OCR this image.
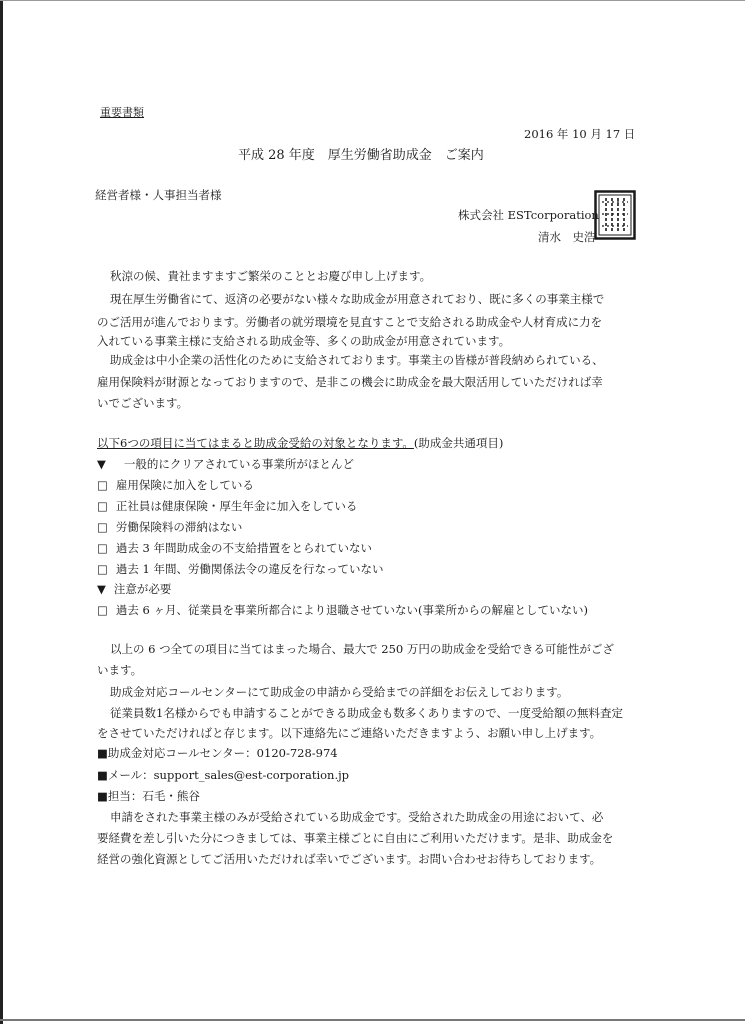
重要書類
2016 年 10 月 17 日
平成 28 年度　厚生労働省助成金　ご案内
経営者様・人事担当者様
株式会社 ESTcorporation
清水　史浩
秋涼の候、貴社ますますご繁栄のこととお慶び申し上げます。
現在厚生労働省にて、返済の必要がない様々な助成金が用意されており、既に多くの事業主様で
のご活用が進んでおります。労働者の就労環境を見直すことで支給される助成金や人材育成に力を
入れている事業主様に支給される助成金等、多くの助成金が用意されています。
助成金は中小企業の活性化のために支給されております。事業主の皆様が普段納められている、
雇用保険料が財源となっておりますので、是非この機会に助成金を最大限活用していただければ幸
いでございます。
以下6つの項目に当てはまると助成金受給の対象となります。(助成金共通項目)
▼ 一般的にクリアされている事業所がほとんど
□ 雇用保険に加入をしている
□ 正社員は健康保険・厚生年金に加入をしている
□ 労働保険料の滞納はない
□ 過去 3 年間助成金の不支給措置をとられていない
□ 過去 1 年間、労働関係法令の違反を行なっていない
▼ 注意が必要
□ 過去 6 ヶ月、従業員を事業所都合により退職させていない(事業所からの解雇としていない)
以上の 6 つ全ての項目に当てはまった場合、最大で 250 万円の助成金を受給できる可能性がござ
います。
助成金対応コールセンターにて助成金の申請から受給までの詳細をお伝えしております。
従業員数1名様からでも申請することができる助成金も数多くありますので、一度受給額の無料査定
をさせていただければと存じます。以下連絡先にご連絡いただきますよう、お願い申し上げます。
■助成金対応コールセンター：0120-728-974
■メール：support_sales@est-corporation.jp
■担当：石毛・熊谷
申請をされた事業主様のみが受給されている助成金です。受給された助成金の用途において、必
要経費を差し引いた分につきましては、事業主様ごとに自由にご利用いただけます。是非、助成金を
経営の強化資源としてご活用いただければ幸いでございます。お問い合わせお待ちしております。
